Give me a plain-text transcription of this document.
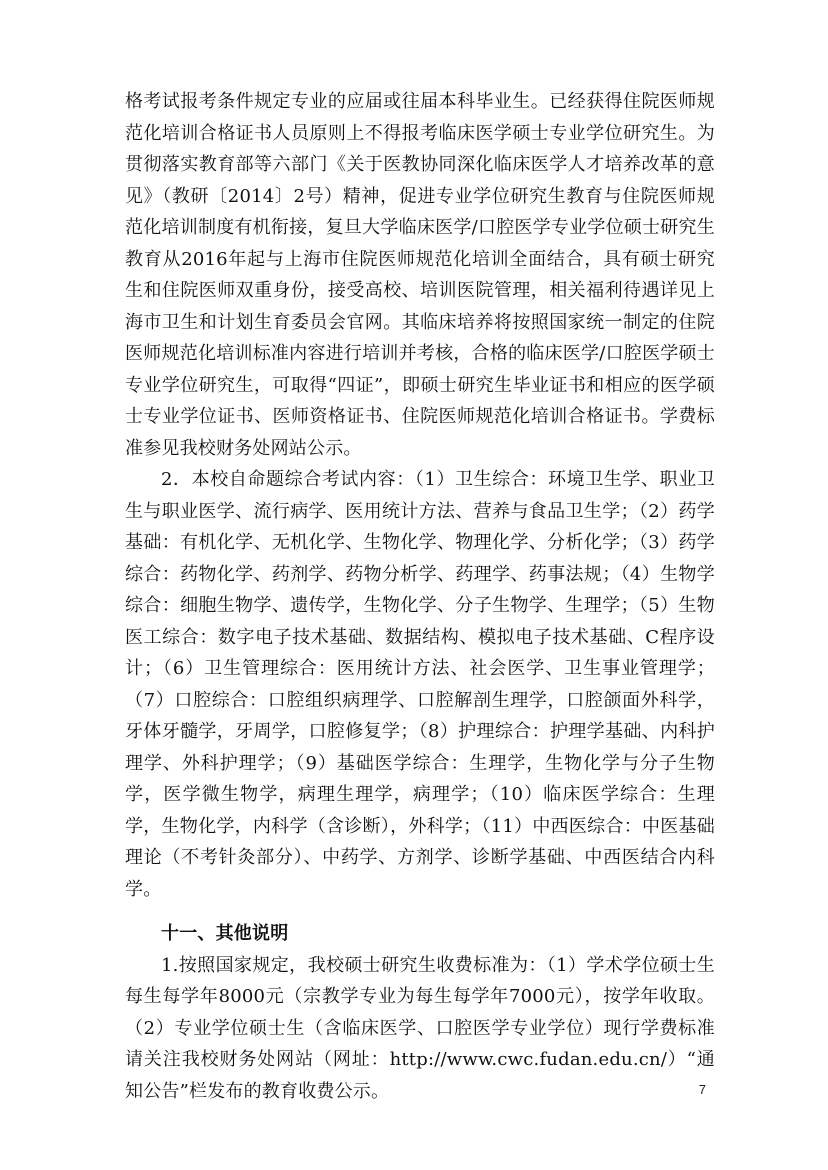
格考试报考条件规定专业的应届或往届本科毕业生。已经获得住院医师规范化培训合格证书人员原则上不得报考临床医学硕士专业学位研究生。为贯彻落实教育部等六部门《关于医教协同深化临床医学人才培养改革的意见》（教研〔2014〕2号）精神，促进专业学位研究生教育与住院医师规范化培训制度有机衔接，复旦大学临床医学/口腔医学专业学位硕士研究生教育从2016年起与上海市住院医师规范化培训全面结合，具有硕士研究生和住院医师双重身份，接受高校、培训医院管理，相关福利待遇详见上海市卫生和计划生育委员会官网。其临床培养将按照国家统一制定的住院医师规范化培训标准内容进行培训并考核，合格的临床医学/口腔医学硕士专业学位研究生，可取得“四证”，即硕士研究生毕业证书和相应的医学硕士专业学位证书、医师资格证书、住院医师规范化培训合格证书。学费标准参见我校财务处网站公示。

2．本校自命题综合考试内容：（1）卫生综合：环境卫生学、职业卫生与职业医学、流行病学、医用统计方法、营养与食品卫生学；（2）药学基础：有机化学、无机化学、生物化学、物理化学、分析化学；（3）药学综合：药物化学、药剂学、药物分析学、药理学、药事法规；（4）生物学综合：细胞生物学、遗传学，生物化学、分子生物学、生理学；（5）生物医工综合：数字电子技术基础、数据结构、模拟电子技术基础、C程序设计；（6）卫生管理综合：医用统计方法、社会医学、卫生事业管理学；（7）口腔综合：口腔组织病理学、口腔解剖生理学，口腔颌面外科学，牙体牙髓学，牙周学，口腔修复学；（8）护理综合：护理学基础、内科护理学、外科护理学；（9）基础医学综合：生理学，生物化学与分子生物学，医学微生物学，病理生理学，病理学；（10）临床医学综合：生理学，生物化学，内科学（含诊断），外科学；（11）中西医综合：中医基础理论（不考针灸部分）、中药学、方剂学、诊断学基础、中西医结合内科学。

十一、其他说明

1.按照国家规定，我校硕士研究生收费标准为：（1）学术学位硕士生每生每学年8000元（宗教学专业为每生每学年7000元），按学年收取。（2）专业学位硕士生（含临床医学、口腔医学专业学位）现行学费标准请关注我校财务处网站（网址：http://www.cwc.fudan.edu.cn/）“通知公告”栏发布的教育收费公示。	7
